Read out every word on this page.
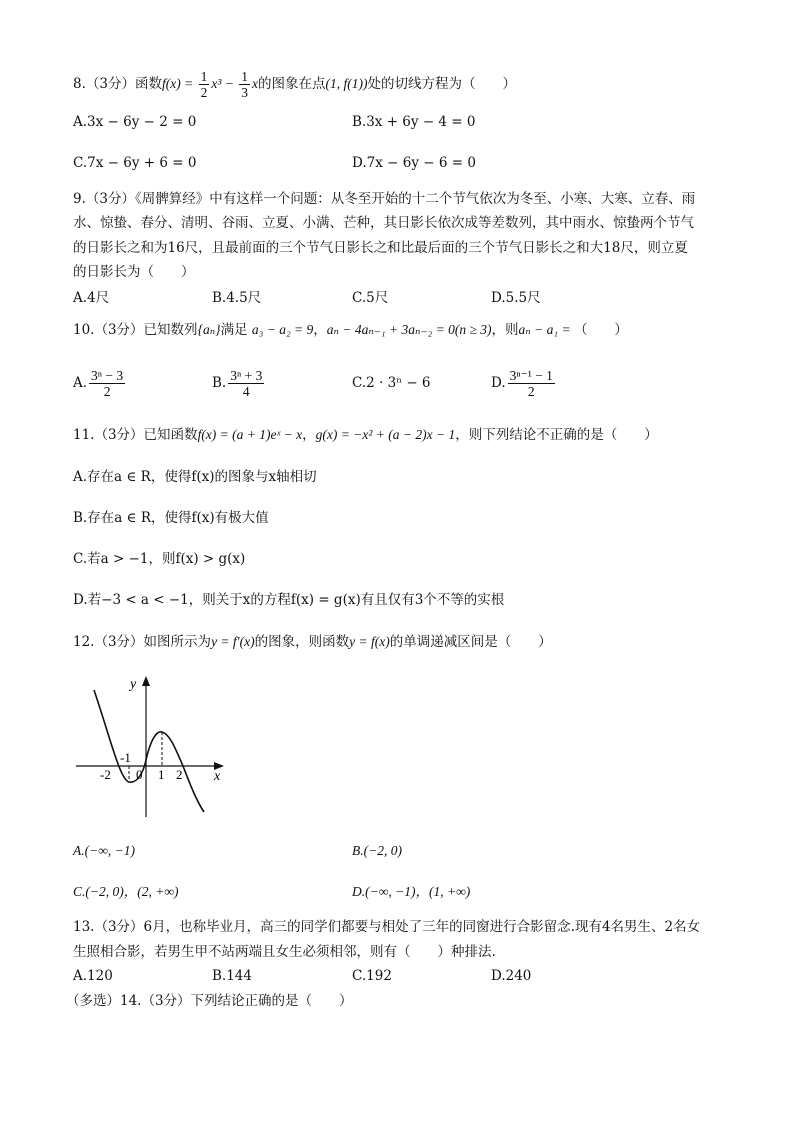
8.（3分）函数$f(x) = \frac{1}{2} x^3 - \frac{1}{3}$ x的图象在点(1, f(1))处的切线方程为（　　）
A.3x − 6y − 2 = 0	B.3x + 6y − 4 = 0
C.7x − 6y + 6 = 0	D.7x − 6y − 6 = 0
9.（3分）《周髀算经》中有这样一个问题：从冬至开始的十二个节气依次为冬至、小寒、大寒、立春、雨
水、惊蛰、春分、清明、谷雨、立夏、小满、芒种，其日影长依次成等差数列，其中雨水、惊蛰两个节气
的日影长之和为16尺，且最前面的三个节气日影长之和比最后面的三个节气日影长之和大18尺，则立夏
的日影长为（　　）
A.4尺	B.4.5尺	C.5尺	D.5.5尺
10.（3分）已知数列{aₙ}满足 a₃ − a₂ = 9，aₙ − 4aₙ₋₁ + 3aₙ₋₂ = 0(n ≥ 3)，则aₙ − a₁ = （　　）
A. $\frac{\text{3ⁿ − 3}}{2}$	B. $\frac{\text{3ⁿ + 3}}{4}$	C.2 · 3ⁿ − 6	D. $\frac{\text{3ⁿ⁻¹ − 1}}{2}$
11.（3分）已知函数f(x) = (a + 1)eˣ − x，g(x) = −x² + (a − 2)x − 1，则下列结论不正确的是（　　）
A.存在a ∈ R，使得f(x)的图象与x轴相切
B.存在a ∈ R，使得f(x)有极大值
C.若a > −1，则f(x) > g(x)
D.若−3 < a < −1，则关于x的方程f(x) = g(x)有且仅有3个不等的实根
12.（3分）如图所示为y = f′(x)的图象，则函数y = f(x)的单调递减区间是（　　）
y
x
-2
-1
0 1 2
A.(−∞, −1)	B.(−2, 0)
C.(−2, 0)，(2, +∞)	D.(−∞, −1)，(1, +∞)
13.（3分）6月，也称毕业月，高三的同学们都要与相处了三年的同窗进行合影留念.现有4名男生、2名女
生照相合影，若男生甲不站两端且女生必须相邻，则有（　　）种排法.
A.120	B.144	C.192	D.240
（多选）14.（3分）下列结论正确的是（　　）
